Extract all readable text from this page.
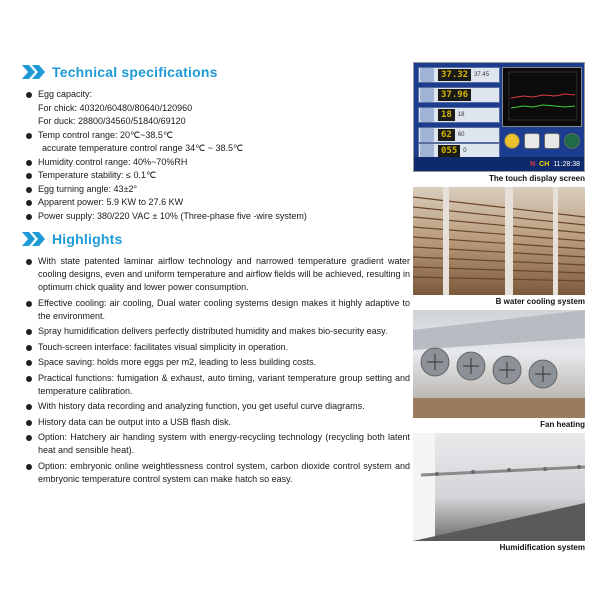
Technical specifications
Egg capacity:
For chick: 40320/60480/80640/120960
For duck: 28800/34560/51840/69120
Temp control range: 20℃~38.5℃
accurate temperature control range 34℃ ~ 38.5℃
Humidity control range: 40%~70%RH
Temperature stability: ≤ 0.1℃
Egg turning angle: 43±2°
Apparent power: 5.9 KW to 27.6 KW
Power supply: 380/220 VAC ± 10% (Three-phase five -wire system)
Highlights
With state patented laminar airflow technology and narrowed temperature gradient water cooling designs, even and uniform temperature and airflow fields will be achieved, resulting in optimum chick quality and lower power consumption.
Effective cooling: air cooling, Dual water cooling systems design makes it highly adaptive to the environment.
Spray humidification delivers perfectly distributed humidity and makes bio-security easy.
Touch-screen interface: facilitates visual simplicity in operation.
Space saving: holds more eggs per m2, leading to less building costs.
Practical functions: fumigation & exhaust, auto timing, variant temperature group setting and temperature calibration.
With history data recording and analyzing function, you get useful curve diagrams.
History data can be output into a USB flash disk.
Option: Hatchery air handing system with energy-recycling technology (recycling both latent heat and sensible heat).
Option: embryonic online weightlessness control system, carbon dioxide control system and embryonic temperature control system can make hatch so easy.
37.32	37.45
37.96
18	18
62	60
055	0
N CH 11:28:38
The touch display screen
B water cooling system
Fan heating
Humidification system
